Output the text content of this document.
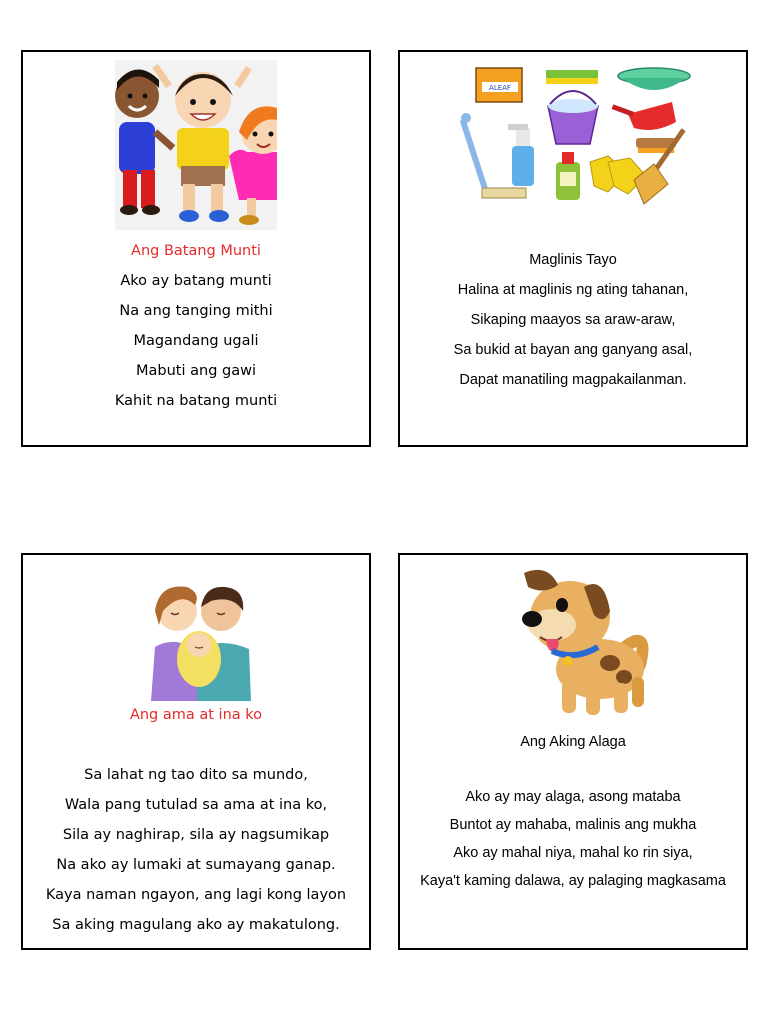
Ang Batang Munti
Ako ay batang munti
Na ang tanging mithi
Magandang ugali
Mabuti ang gawi
Kahit na batang munti
ALEAF
Maglinis Tayo
Halina at maglinis ng ating tahanan,
Sikaping maayos sa araw-araw,
Sa bukid at bayan ang ganyang asal,
Dapat manatiling magpakailanman.
Ang ama at ina ko
Sa lahat ng tao dito sa mundo,
Wala pang tutulad sa ama at ina ko,
Sila ay naghirap, sila ay nagsumikap
Na ako ay lumaki at sumayang ganap.
Kaya naman ngayon, ang lagi kong layon
Sa aking magulang ako ay makatulong.
Ang Aking Alaga
Ako ay may alaga, asong mataba
Buntot ay mahaba, malinis ang mukha
Ako ay mahal niya, mahal ko rin siya,
Kaya't kaming dalawa, ay palaging magkasama
